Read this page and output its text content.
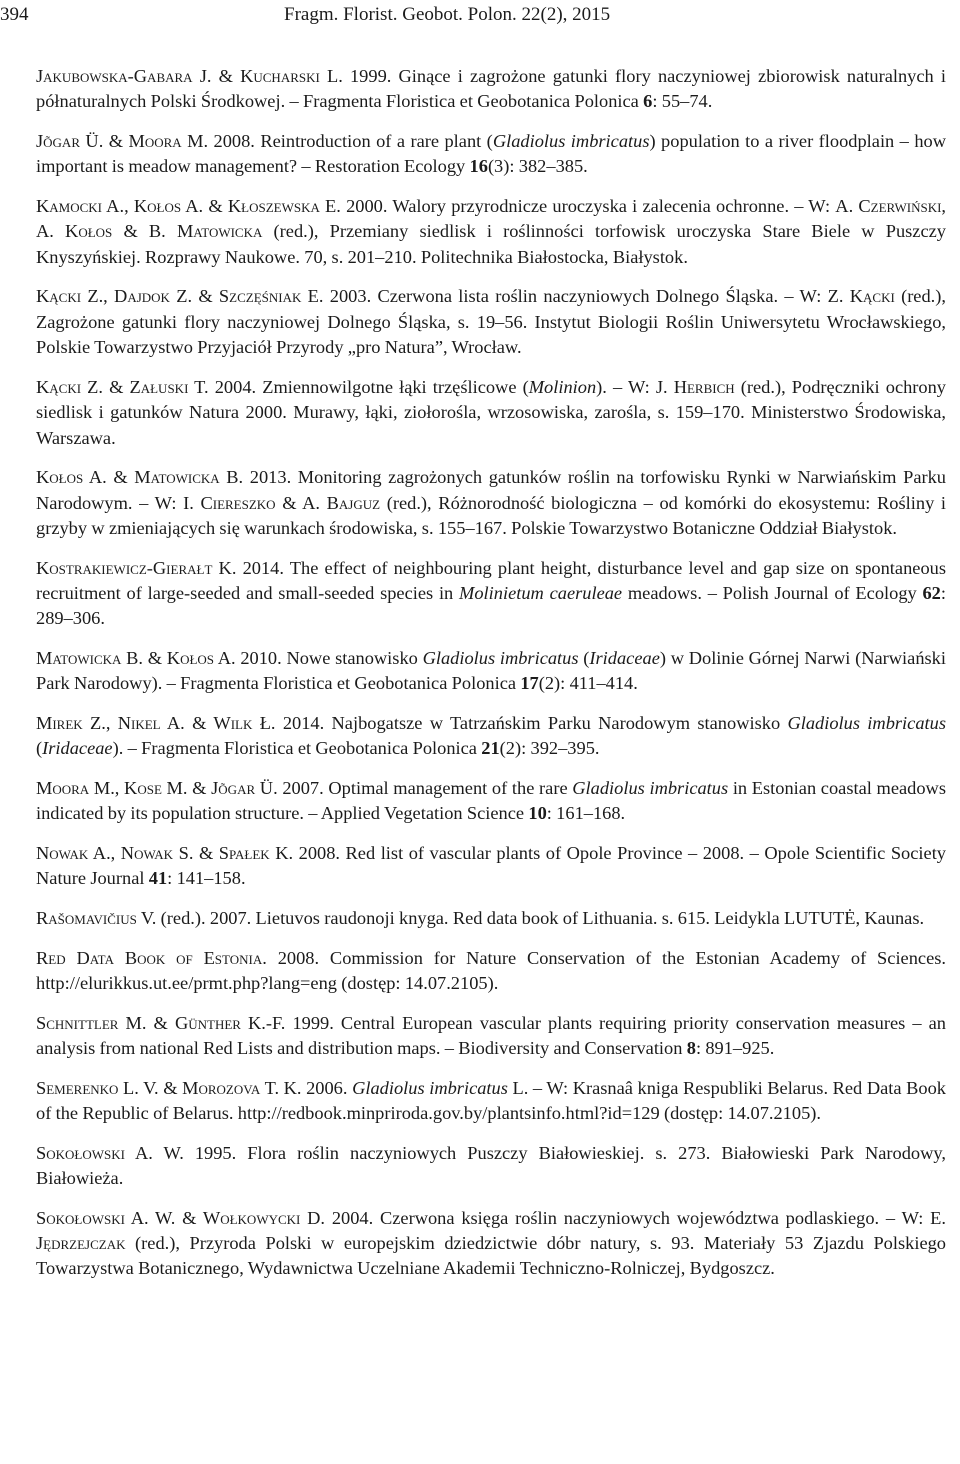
394	Fragm. Florist. Geobot. Polon. 22(2), 2015

Jakubowska-Gabara J. & Kucharski L. 1999. Ginące i zagrożone gatunki flory naczyniowej zbiorowisk naturalnych i półnaturalnych Polski Środkowej. – Fragmenta Floristica et Geobotanica Polonica 6: 55–74.

Jõgar Ü. & Moora M. 2008. Reintroduction of a rare plant (Gladiolus imbricatus) population to a river floodplain – how important is meadow management? – Restoration Ecology 16(3): 382–385.

Kamocki A., Kołos A. & Kłoszewska E. 2000. Walory przyrodnicze uroczyska i zalecenia ochronne. – W: A. Czerwiński, A. Kołos & B. Matowicka (red.), Przemiany siedlisk i roślinności torfowisk uroczyska Stare Biele w Puszczy Knyszyńskiej. Rozprawy Naukowe. 70, s. 201–210. Politechnika Białostocka, Białystok.

Kącki Z., Dajdok Z. & Szczęśniak E. 2003. Czerwona lista roślin naczyniowych Dolnego Śląska. – W: Z. Kącki (red.), Zagrożone gatunki flory naczyniowej Dolnego Śląska, s. 19–56. Instytut Biologii Roślin Uniwersytetu Wrocławskiego, Polskie Towarzystwo Przyjaciół Przyrody „pro Natura”, Wrocław.

Kącki Z. & Załuski T. 2004. Zmiennowilgotne łąki trzęślicowe (Molinion). – W: J. Herbich (red.), Podręczniki ochrony siedlisk i gatunków Natura 2000. Murawy, łąki, ziołorośla, wrzosowiska, zarośla, s. 159–170. Ministerstwo Środowiska, Warszawa.

Kołos A. & Matowicka B. 2013. Monitoring zagrożonych gatunków roślin na torfowisku Rynki w Narwiańskim Parku Narodowym. – W: I. Ciereszko & A. Bajguz (red.), Różnorodność biologiczna – od komórki do ekosystemu: Rośliny i grzyby w zmieniających się warunkach środowiska, s. 155–167. Polskie Towarzystwo Botaniczne Oddział Białystok.

Kostrakiewicz-Gierałt K. 2014. The effect of neighbouring plant height, disturbance level and gap size on spontaneous recruitment of large-seeded and small-seeded species in Molinietum caeruleae meadows. – Polish Journal of Ecology 62: 289–306.

Matowicka B. & Kołos A. 2010. Nowe stanowisko Gladiolus imbricatus (Iridaceae) w Dolinie Górnej Narwi (Narwiański Park Narodowy). – Fragmenta Floristica et Geobotanica Polonica 17(2): 411–414.

Mirek Z., Nikel A. & Wilk Ł. 2014. Najbogatsze w Tatrzańskim Parku Narodowym stanowisko Gladiolus imbricatus (Iridaceae). – Fragmenta Floristica et Geobotanica Polonica 21(2): 392–395.

Moora M., Kose M. & Jõgar Ü. 2007. Optimal management of the rare Gladiolus imbricatus in Estonian coastal meadows indicated by its population structure. – Applied Vegetation Science 10: 161–168.

Nowak A., Nowak S. & Spałek K. 2008. Red list of vascular plants of Opole Province – 2008. – Opole Scientific Society Nature Journal 41: 141–158.

Rašomavičius V. (red.). 2007. Lietuvos raudonoji knyga. Red data book of Lithuania. s. 615. Leidykla LUTUTĖ, Kaunas.

Red Data Book of Estonia. 2008. Commission for Nature Conservation of the Estonian Academy of Sciences. http://elurikkus.ut.ee/prmt.php?lang=eng (dostęp: 14.07.2105).

Schnittler M. & Günther K.-F. 1999. Central European vascular plants requiring priority conservation measures – an analysis from national Red Lists and distribution maps. – Biodiversity and Conservation 8: 891–925.

Semerenko L. V. & Morozova T. K. 2006. Gladiolus imbricatus L. – W: Krasnaâ kniga Respubliki Belarus. Red Data Book of the Republic of Belarus. http://redbook.minpriroda.gov.by/plantsinfo.html?id=129 (dostęp: 14.07.2105).

Sokołowski A. W. 1995. Flora roślin naczyniowych Puszczy Białowieskiej. s. 273. Białowieski Park Narodowy, Białowieża.

Sokołowski A. W. & Wołkowycki D. 2004. Czerwona księga roślin naczyniowych województwa podlaskiego. – W: E. Jędrzejczak (red.), Przyroda Polski w europejskim dziedzictwie dóbr natury, s. 93. Materiały 53 Zjazdu Polskiego Towarzystwa Botanicznego, Wydawnictwa Uczelniane Akademii Techniczno-Rolniczej, Bydgoszcz.
